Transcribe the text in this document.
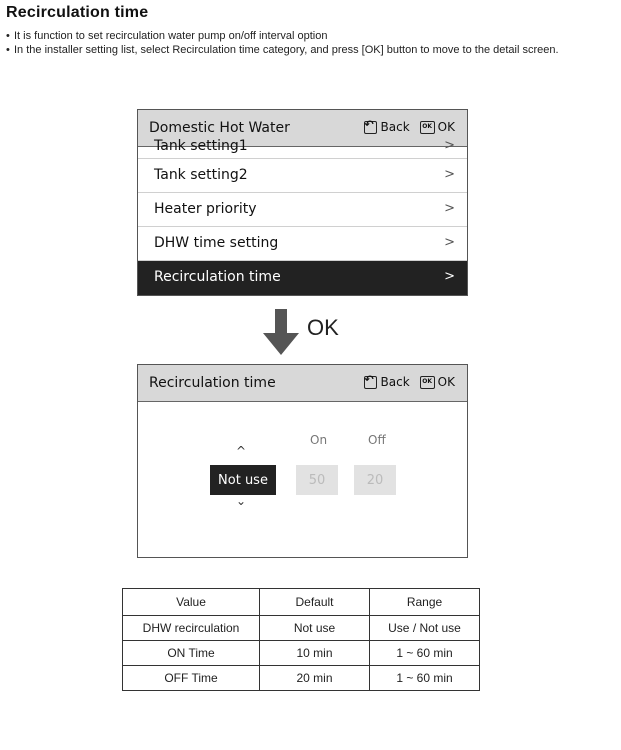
Recirculation time
• It is function to set recirculation water pump on/off interval option
• In the installer setting list, select Recirculation time category, and press [OK] button to move to the detail screen.
Domestic Hot Water ↶	Back	OK OK
Tank setting1	>
Tank setting2	>
Heater priority	>
DHW time setting	>
Recirculation time	>
OK
Recirculation time ↶	Back	OK OK
On	Off
^
Not use	50	20
⌄
Value	Default	Range
DHW recirculation	Not use	Use / Not use
ON Time	10 min	1 ~ 60 min
OFF Time	20 min	1 ~ 60 min
